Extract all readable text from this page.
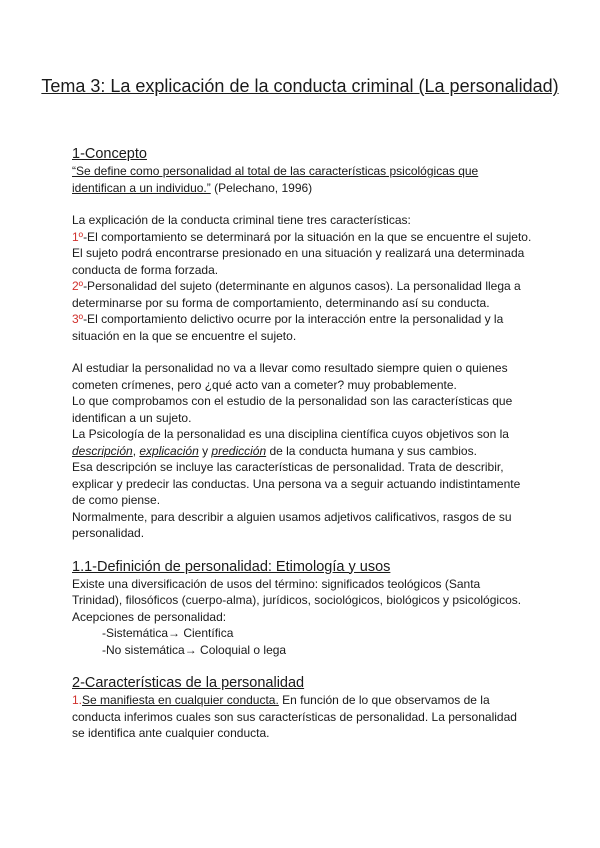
Tema 3: La explicación de la conducta criminal (La personalidad)
1-Concepto

“Se define como personalidad al total de las características psicológicas que identifican a un individuo.” (Pelechano, 1996)

La explicación de la conducta criminal tiene tres características:

1º-El comportamiento se determinará por la situación en la que se encuentre el sujeto. El sujeto podrá encontrarse presionado en una situación y realizará una determinada conducta de forma forzada.

2º-Personalidad del sujeto (determinante en algunos casos). La personalidad llega a determinarse por su forma de comportamiento, determinando así su conducta.

3º-El comportamiento delictivo ocurre por la interacción entre la personalidad y la situación en la que se encuentre el sujeto.

Al estudiar la personalidad no va a llevar como resultado siempre quien o quienes cometen crímenes, pero ¿qué acto van a cometer? muy probablemente.

Lo que comprobamos con el estudio de la personalidad son las características que identifican a un sujeto.

La Psicología de la personalidad es una disciplina científica cuyos objetivos son la descripción, explicación y predicción de la conducta humana y sus cambios.

Esa descripción se incluye las características de personalidad. Trata de describir, explicar y predecir las conductas. Una persona va a seguir actuando indistintamente de como piense.

Normalmente, para describir a alguien usamos adjetivos calificativos, rasgos de su personalidad.

1.1-Definición de personalidad: Etimología y usos

Existe una diversificación de usos del término: significados teológicos (Santa Trinidad), filosóficos (cuerpo-alma), jurídicos, sociológicos, biológicos y psicológicos.

Acepciones de personalidad:

-Sistemática→ Científica

-No sistemática→ Coloquial o lega

2-Características de la personalidad

1.Se manifiesta en cualquier conducta. En función de lo que observamos de la conducta inferimos cuales son sus características de personalidad. La personalidad se identifica ante cualquier conducta.
